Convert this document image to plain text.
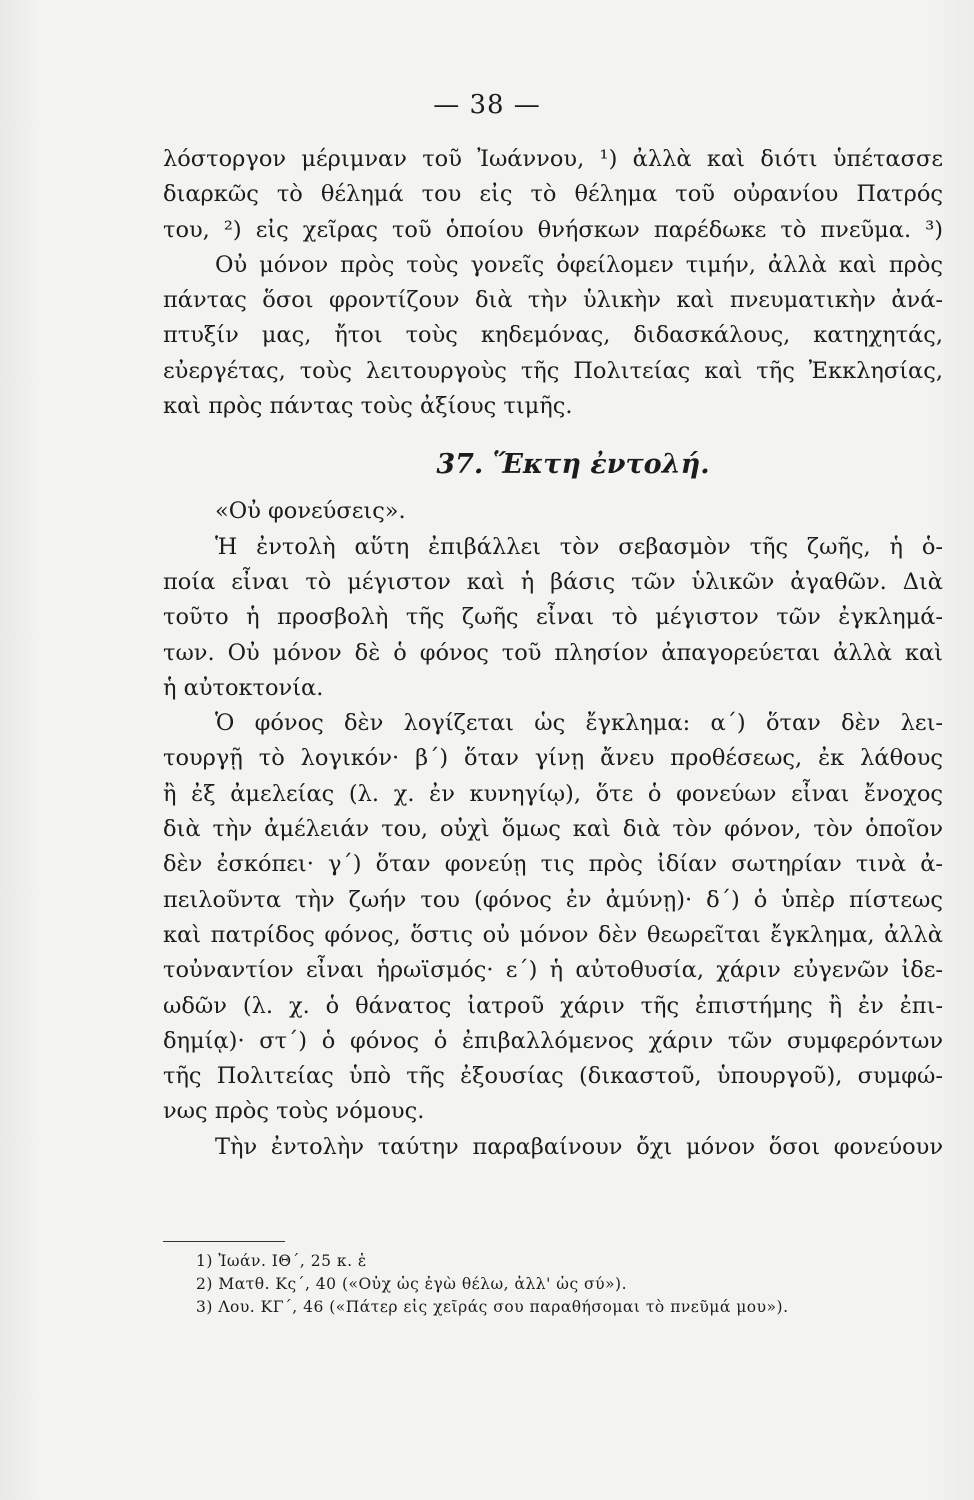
— 38 —
λόστοργον μέριμναν τοῦ Ἰωάννου, ¹) ἀλλὰ καὶ διότι ὑπέτασσε
διαρκῶς τὸ θέλημά του εἰς τὸ θέλημα τοῦ οὐρανίου Πατρός
του, ²) εἰς χεῖρας τοῦ ὁποίου θνήσκων παρέδωκε τὸ πνεῦμα. ³)
Οὐ μόνον πρὸς τοὺς γονεῖς ὀφείλομεν τιμήν, ἀλλὰ καὶ πρὸς
πάντας ὅσοι φροντίζουν διὰ τὴν ὑλικὴν καὶ πνευματικὴν ἀνά-
πτυξίν μας, ἤτοι τοὺς κηδεμόνας, διδασκάλους, κατηχητάς,
εὐεργέτας, τοὺς λειτουργοὺς τῆς Πολιτείας καὶ τῆς Ἐκκλησίας,
καὶ πρὸς πάντας τοὺς ἀξίους τιμῆς.
37. Ἕκτη ἐντολή.
«Οὐ φονεύσεις».
Ἡ ἐντολὴ αὕτη ἐπιβάλλει τὸν σεβασμὸν τῆς ζωῆς, ἡ ὁ-
ποία εἶναι τὸ μέγιστον καὶ ἡ βάσις τῶν ὑλικῶν ἀγαθῶν. Διὰ
τοῦτο ἡ προσβολὴ τῆς ζωῆς εἶναι τὸ μέγιστον τῶν ἐγκλημά-
των. Οὐ μόνον δὲ ὁ φόνος τοῦ πλησίον ἀπαγορεύεται ἀλλὰ καὶ
ἡ αὐτοκτονία.
Ὁ φόνος δὲν λογίζεται ὡς ἔγκλημα: α΄) ὅταν δὲν λει-
τουργῇ τὸ λογικόν· β΄) ὅταν γίνῃ ἄνευ προθέσεως, ἐκ λάθους
ἢ ἐξ ἀμελείας (λ. χ. ἐν κυνηγίῳ), ὅτε ὁ φονεύων εἶναι ἔνοχος
διὰ τὴν ἀμέλειάν του, οὐχὶ ὅμως καὶ διὰ τὸν φόνον, τὸν ὁποῖον
δὲν ἐσκόπει· γ΄) ὅταν φονεύῃ τις πρὸς ἰδίαν σωτηρίαν τινὰ ἀ-
πειλοῦντα τὴν ζωήν του (φόνος ἐν ἀμύνῃ)· δ΄) ὁ ὑπὲρ πίστεως
καὶ πατρίδος φόνος, ὅστις οὐ μόνον δὲν θεωρεῖται ἔγκλημα, ἀλλὰ
τοὐναντίον εἶναι ἡρωϊσμός· ε΄) ἡ αὐτοθυσία, χάριν εὐγενῶν ἰδε-
ωδῶν (λ. χ. ὁ θάνατος ἰατροῦ χάριν τῆς ἐπιστήμης ἢ ἐν ἐπι-
δημίᾳ)· στ΄) ὁ φόνος ὁ ἐπιβαλλόμενος χάριν τῶν συμφερόντων
τῆς Πολιτείας ὑπὸ τῆς ἐξουσίας (δικαστοῦ, ὑπουργοῦ), συμφώ-
νως πρὸς τοὺς νόμους.
Τὴν ἐντολὴν ταύτην παραβαίνουν ὄχι μόνον ὅσοι φονεύουν
1) Ἰωάν. ΙΘ΄, 25 κ. ἑ
2) Ματθ. Κς΄, 40 («Οὐχ ὡς ἐγὼ θέλω, ἀλλ' ὡς σύ»).
3) Λου. ΚΓ΄, 46 («Πάτερ εἰς χεῖράς σου παραθήσομαι τὸ πνεῦμά μου»).
